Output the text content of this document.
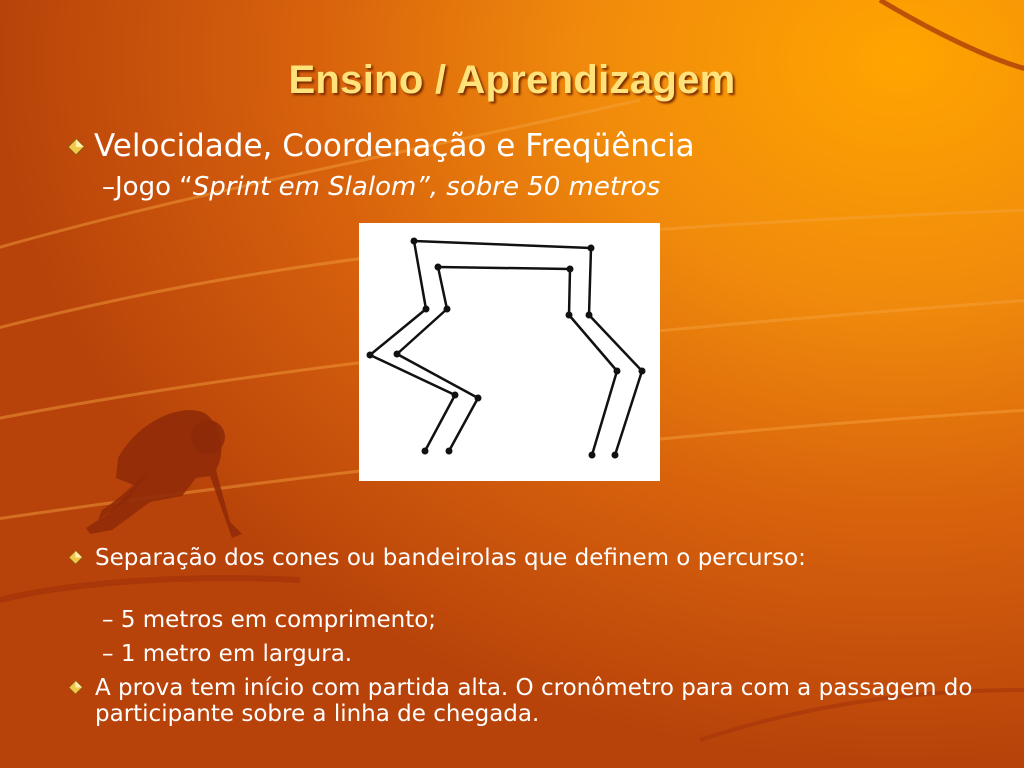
Ensino / Aprendizagem
Velocidade, Coordenação e Freqüência
–Jogo “Sprint em Slalom”, sobre 50 metros
Separação dos cones ou bandeirolas que definem o percurso:
– 5 metros em comprimento;
– 1 metro em largura.
A prova tem início com partida alta. O cronômetro para com a passagem do participante sobre a linha de chegada.
